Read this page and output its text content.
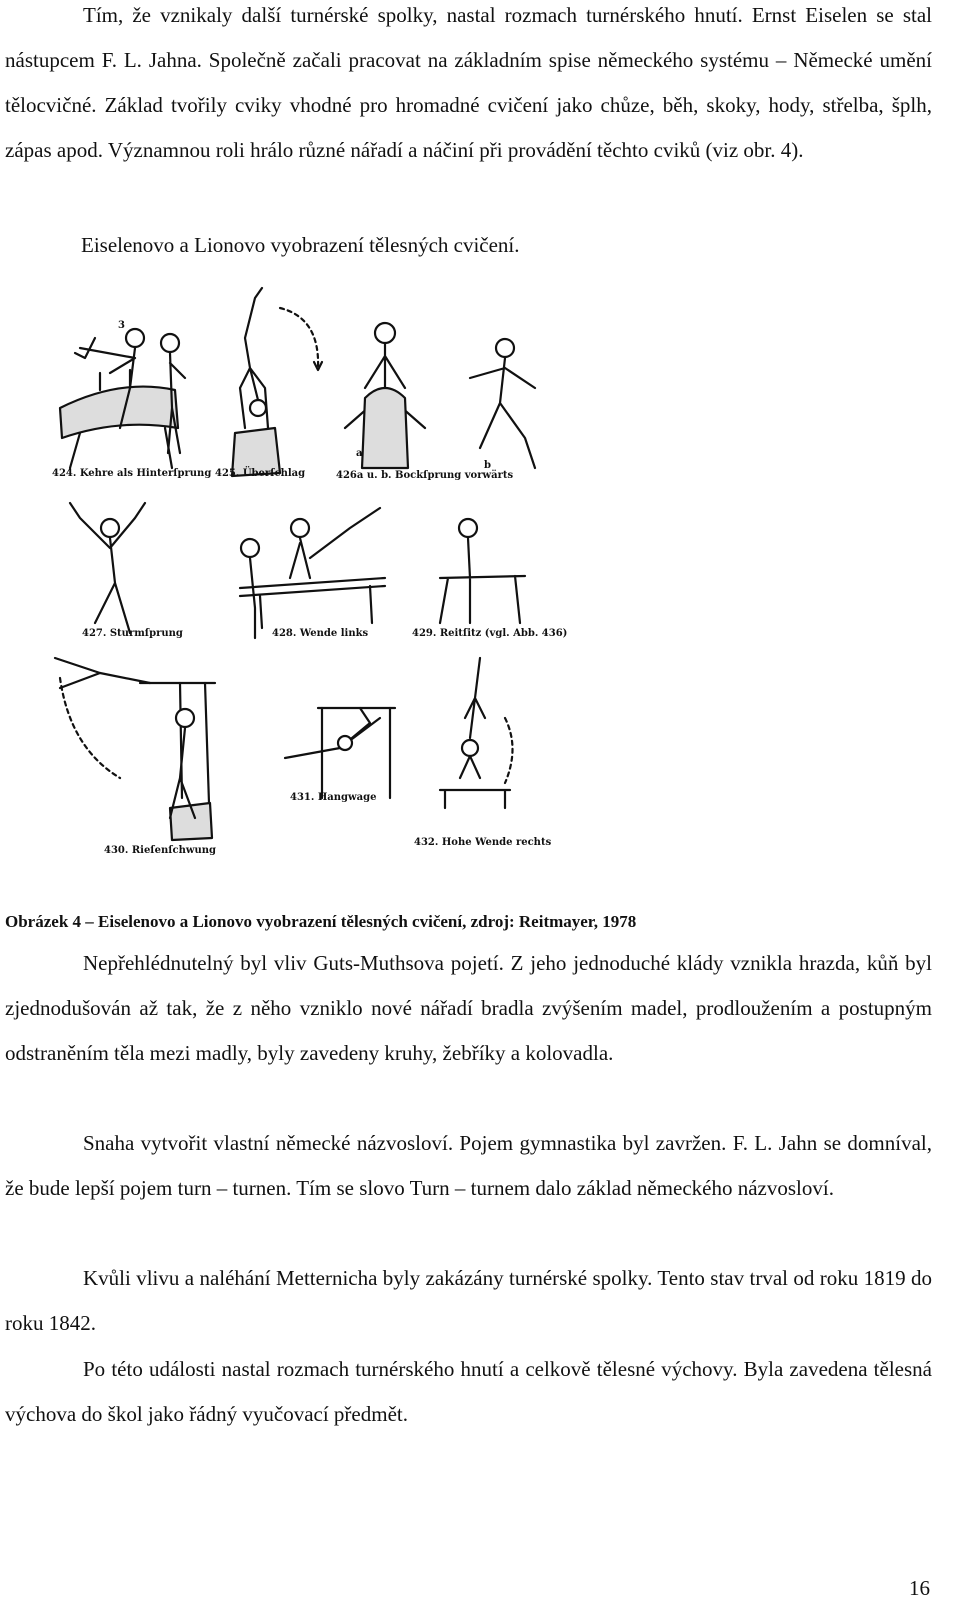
Tím, že vznikaly další turnérské spolky, nastal rozmach turnérského hnutí. Ernst Eiselen se stal nástupcem F. L. Jahna. Společně začali pracovat na základním spise německého systému – Německé umění tělocvičné. Základ tvořily cviky vhodné pro hromadné cvičení jako chůze, běh, skoky, hody, střelba, šplh, zápas apod. Významnou roli hrálo různé nářadí a náčiní při provádění těchto cviků (viz obr. 4).

Eiselenovo a Lionovo vyobrazení tělesných cvičení.
424. Kehre als Hinterſprung 425. Überſchlag	426a u. b. Bockſprung vorwärts
427. Sturmſprung	428. Wende links	429. Reitſitz (vgl. Abb. 436)
430. Rieſenſchwung
431. Hangwage
432. Hohe Wende rechts
3
a
b
Obrázek 4 – Eiselenovo a Lionovo vyobrazení tělesných cvičení, zdroj: Reitmayer, 1978

Nepřehlédnutelný byl vliv Guts-Muthsova pojetí. Z jeho jednoduché klády vznikla hrazda, kůň byl zjednodušován až tak, že z něho vzniklo nové nářadí bradla zvýšením madel, prodloužením a postupným odstraněním těla mezi madly, byly zavedeny kruhy, žebříky a kolovadla.

Snaha vytvořit vlastní německé názvosloví. Pojem gymnastika byl zavržen. F. L. Jahn se domníval, že bude lepší pojem turn – turnen. Tím se slovo Turn – turnem dalo základ německého názvosloví.

Kvůli vlivu a naléhání Metternicha byly zakázány turnérské spolky. Tento stav trval od roku 1819 do roku 1842.

Po této události nastal rozmach turnérského hnutí a celkově tělesné výchovy. Byla zavedena tělesná výchova do škol jako řádný vyučovací předmět.

16
